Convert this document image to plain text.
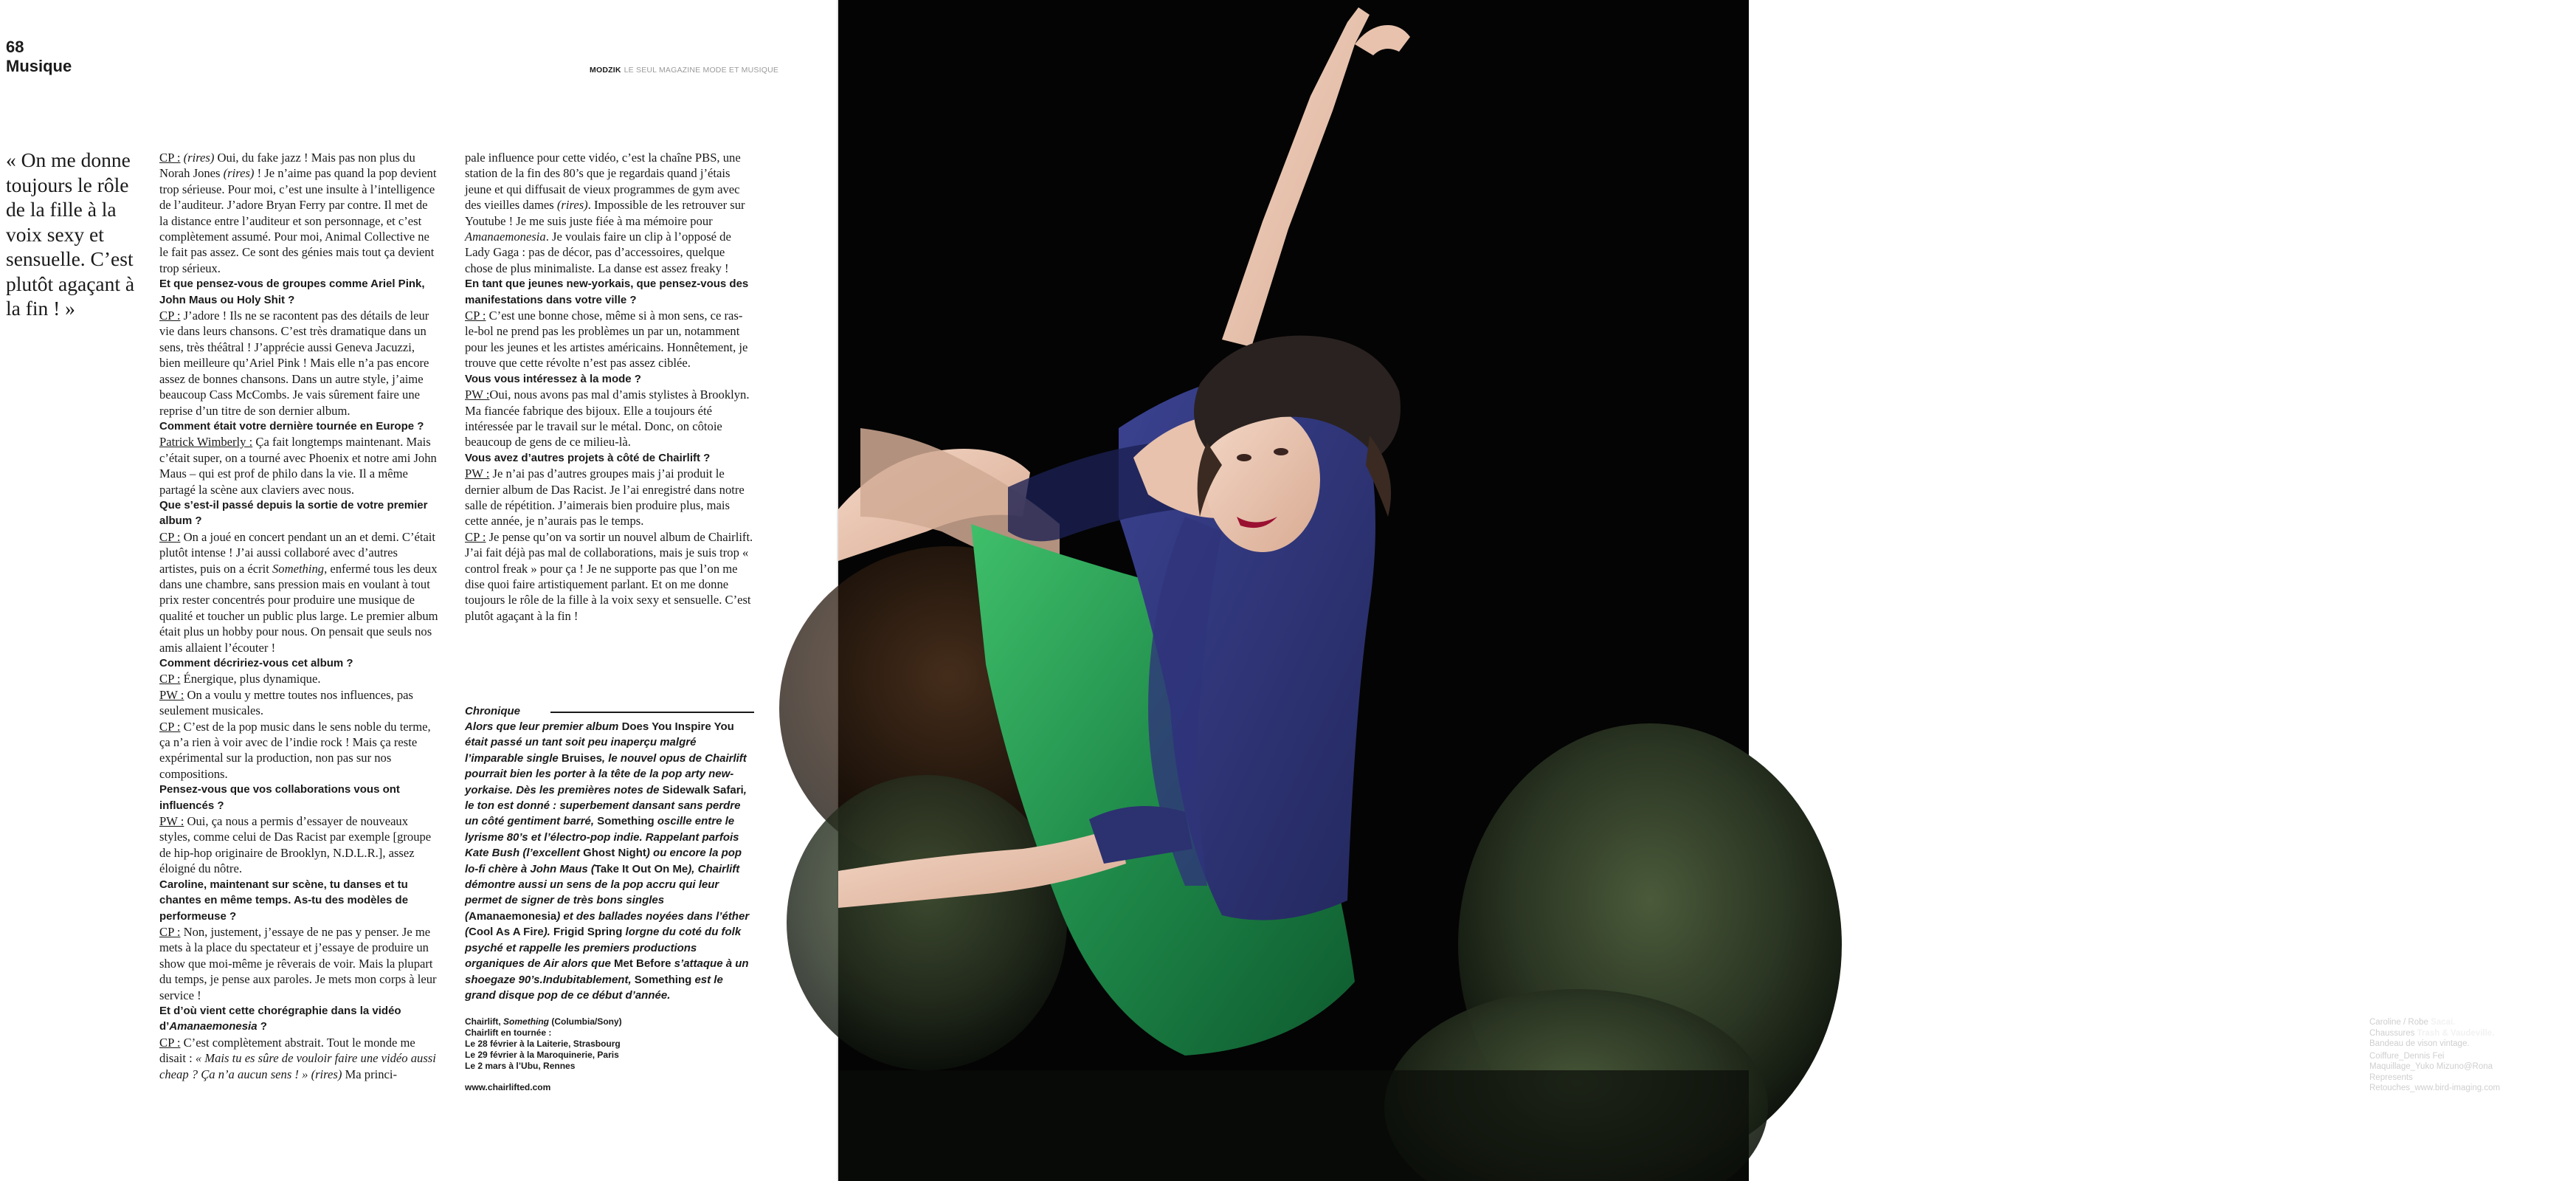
68
Musique	MODZIK LE SEUL MAGAZINE MODE ET MUSIQUE
« On me donne toujours le rôle de la fille à la voix sexy et sensuelle. C’est plutôt agaçant à la fin ! »

CP : (rires) Oui, du fake jazz ! Mais pas non plus du Norah Jones (rires) ! Je n’aime pas quand la pop devient trop sérieuse. Pour moi, c’est une insulte à l’intelligence de l’auditeur. J’adore Bryan Ferry par contre. Il met de la distance entre l’auditeur et son personnage, et c’est complètement assumé. Pour moi, Animal Collective ne le fait pas assez. Ce sont des génies mais tout ça devient trop sérieux.

Et que pensez-vous de groupes comme Ariel Pink, John Maus ou Holy Shit ?

CP : J’adore ! Ils ne se racontent pas des détails de leur vie dans leurs chansons. C’est très dramatique dans un sens, très théâtral ! J’apprécie aussi Geneva Jacuzzi, bien meilleure qu’Ariel Pink ! Mais elle n’a pas encore assez de bonnes chansons. Dans un autre style, j’aime beaucoup Cass McCombs. Je vais sûrement faire une reprise d’un titre de son dernier album.

Comment était votre dernière tournée en Europe ?

Patrick Wimberly : Ça fait longtemps maintenant. Mais c’était super, on a tourné avec Phoenix et notre ami John Maus – qui est prof de philo dans la vie. Il a même partagé la scène aux claviers avec nous.

Que s’est-il passé depuis la sortie de votre premier album ?

CP : On a joué en concert pendant un an et demi. C’était plutôt intense ! J’ai aussi collaboré avec d’autres artistes, puis on a écrit Something, enfermé tous les deux dans une chambre, sans pression mais en voulant à tout prix rester concentrés pour produire une musique de qualité et toucher un public plus large. Le premier album était plus un hobby pour nous. On pensait que seuls nos amis allaient l’écouter !

Comment décririez-vous cet album ?

CP : Énergique, plus dynamique.

PW : On a voulu y mettre toutes nos influences, pas seulement musicales.

CP : C’est de la pop music dans le sens noble du terme, ça n’a rien à voir avec de l’indie rock ! Mais ça reste expérimental sur la production, non pas sur nos compositions.

Pensez-vous que vos collaborations vous ont influencés ?

PW : Oui, ça nous a permis d’essayer de nouveaux styles, comme celui de Das Racist par exemple [groupe de hip-hop originaire de Brooklyn, N.D.L.R.], assez éloigné du nôtre.

Caroline, maintenant sur scène, tu danses et tu chantes en même temps. As-tu des modèles de performeuse ?

CP : Non, justement, j’essaye de ne pas y penser. Je me mets à la place du spectateur et j’essaye de produire un show que moi-même je rêverais de voir. Mais la plupart du temps, je pense aux paroles. Je mets mon corps à leur service !

Et d’où vient cette chorégraphie dans la vidéo d’Amanaemonesia ?

CP : C’est complètement abstrait. Tout le monde me disait : « Mais tu es sûre de vouloir faire une vidéo aussi cheap ? Ça n’a aucun sens ! » (rires) Ma princi-

pale influence pour cette vidéo, c’est la chaîne PBS, une station de la fin des 80’s que je regardais quand j’étais jeune et qui diffusait de vieux programmes de gym avec des vieilles dames (rires). Impossible de les retrouver sur Youtube ! Je me suis juste fiée à ma mémoire pour Amanaemonesia. Je voulais faire un clip à l’opposé de Lady Gaga : pas de décor, pas d’accessoires, quelque chose de plus minimaliste. La danse est assez freaky !

En tant que jeunes new-yorkais, que pensez-vous des manifestations dans votre ville ?

CP : C’est une bonne chose, même si à mon sens, ce ras-le-bol ne prend pas les problèmes un par un, notamment pour les jeunes et les artistes américains. Honnêtement, je trouve que cette révolte n’est pas assez ciblée.

Vous vous intéressez à la mode ?

PW :Oui, nous avons pas mal d’amis stylistes à Brooklyn. Ma fiancée fabrique des bijoux. Elle a toujours été intéressée par le travail sur le métal. Donc, on côtoie beaucoup de gens de ce milieu-là.

Vous avez d’autres projets à côté de Chairlift ?

PW : Je n’ai pas d’autres groupes mais j’ai produit le dernier album de Das Racist. Je l’ai enregistré dans notre salle de répétition. J’aimerais bien produire plus, mais cette année, je n’aurais pas le temps.

CP : Je pense qu’on va sortir un nouvel album de Chairlift. J’ai fait déjà pas mal de collaborations, mais je suis trop « control freak » pour ça ! Je ne supporte pas que l’on me dise quoi faire artistiquement parlant. Et on me donne toujours le rôle de la fille à la voix sexy et sensuelle. C’est plutôt agaçant à la fin !

Chronique
Alors que leur premier album Does You Inspire You était passé un tant soit peu inaperçu malgré l’imparable single Bruises, le nouvel opus de Chairlift pourrait bien les porter à la tête de la pop arty new-yorkaise. Dès les premières notes de Sidewalk Safari, le ton est donné : superbement dansant sans perdre un côté gentiment barré, Something oscille entre le lyrisme 80’s et l’électro-pop indie. Rappelant parfois Kate Bush (l’excellent Ghost Night) ou encore la pop lo-fi chère à John Maus (Take It Out On Me), Chairlift démontre aussi un sens de la pop accru qui leur permet de signer de très bons singles (Amanaemonesia) et des ballades noyées dans l’éther (Cool As A Fire). Frigid Spring lorgne du coté du folk psyché et rappelle les premiers productions organiques de Air alors que Met Before s’attaque à un shoegaze 90’s.Indubitablement, Something est le grand disque pop de ce début d’année.
Chairlift, Something (Columbia/Sony)
Chairlift en tournée :
Le 28 février à la Laiterie, Strasbourg
Le 29 février à la Maroquinerie, Paris
Le 2 mars à l’Ubu, Rennes
www.chairlifted.com
Caroline / Robe Sacai.
Chaussures Trash & Vaudeville.
Bandeau de vison vintage.
Coiffure_Dennis Fei
Maquillage_Yuko Mizuno@Rona
Represents
Retouches_www.bird-imaging.com
